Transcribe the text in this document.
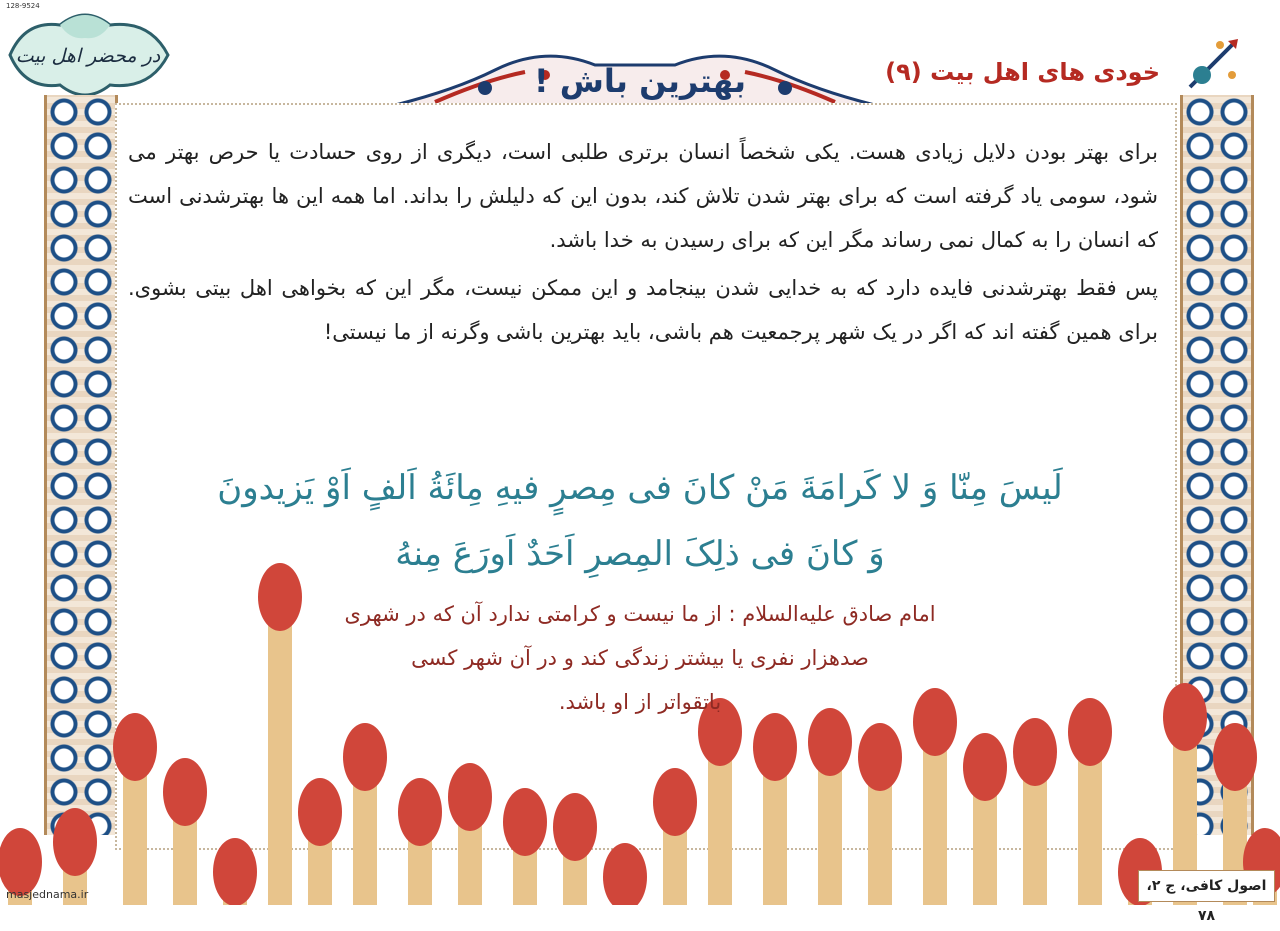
128-9524
در محضر اهل بیت
بهترین باش !	خودی های اهل بیت (۹)

برای بهتر بودن دلایل زیادی هست. یکی شخصاً انسان برتری طلبی است، دیگری از روی حسادت یا حرص بهتر می شود، سومی یاد گرفته است که برای بهتر شدن تلاش کند، بدون این که دلیلش را بداند. اما همه این ها بهترشدنی است که انسان را به کمال نمی رساند مگر این که برای رسیدن به خدا باشد.

پس فقط بهترشدنی فایده دارد که به خدایی شدن بینجامد و این ممکن نیست، مگر این که بخواهی اهل بیتی بشوی. برای همین گفته اند که اگر در یک شهر پرجمعیت هم باشی، باید بهترین باشی وگرنه از ما نیستی!

لَیسَ مِنّا وَ لا کَرامَةَ مَنْ کانَ فی مِصرٍ فیهِ مِائَةُ اَلفٍ اَوْ یَزیدونَ
وَ کانَ فی ذلِکَ المِصرِ اَحَدٌ اَورَعَ مِنهُ
امام صادق علیه‌السلام : از ما نیست و کرامتی ندارد آن که در شهری
صدهزار نفری یا بیشتر زندگی کند و در آن شهر کسی
باتقواتر از او باشد.
اصول کافی، ج ۲، ۷۸
masjednama.ir
